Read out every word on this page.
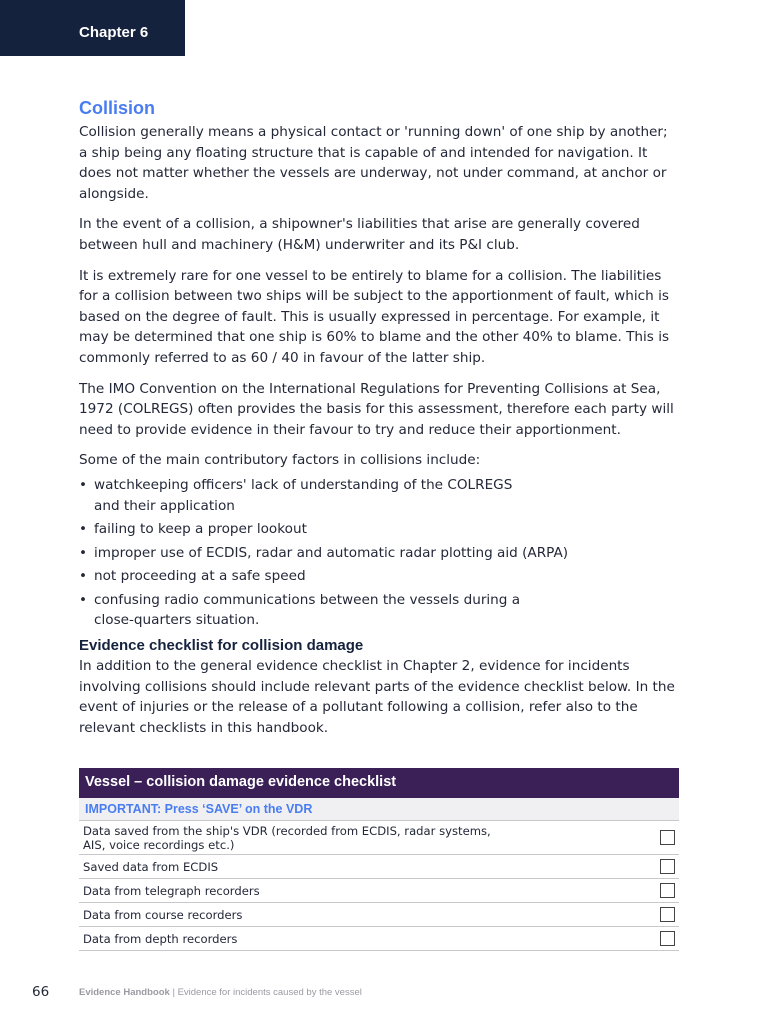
Chapter 6
Collision

Collision generally means a physical contact or 'running down' of one ship by another; a ship being any floating structure that is capable of and intended for navigation. It does not matter whether the vessels are underway, not under command, at anchor or alongside.

In the event of a collision, a shipowner's liabilities that arise are generally covered between hull and machinery (H&M) underwriter and its P&I club.

It is extremely rare for one vessel to be entirely to blame for a collision. The liabilities for a collision between two ships will be subject to the apportionment of fault, which is based on the degree of fault. This is usually expressed in percentage. For example, it may be determined that one ship is 60% to blame and the other 40% to blame. This is commonly referred to as 60 / 40 in favour of the latter ship.

The IMO Convention on the International Regulations for Preventing Collisions at Sea, 1972 (COLREGS) often provides the basis for this assessment, therefore each party will need to provide evidence in their favour to try and reduce their apportionment.

Some of the main contributory factors in collisions include:

• watchkeeping officers' lack of understanding of the COLREGS
and their application
• failing to keep a proper lookout
• improper use of ECDIS, radar and automatic radar plotting aid (ARPA)
• not proceeding at a safe speed
• confusing radio communications between the vessels during a
close-quarters situation.
Evidence checklist for collision damage

In addition to the general evidence checklist in Chapter 2, evidence for incidents involving collisions should include relevant parts of the evidence checklist below. In the event of injuries or the release of a pollutant following a collision, refer also to the relevant checklists in this handbook.

Vessel – collision damage evidence checklist
IMPORTANT: Press ‘SAVE’ on the VDR
Data saved from the ship's VDR (recorded from ECDIS, radar systems,
AIS, voice recordings etc.)
Saved data from ECDIS
Data from telegraph recorders
Data from course recorders
Data from depth recorders
66	Evidence Handbook | Evidence for incidents caused by the vessel
